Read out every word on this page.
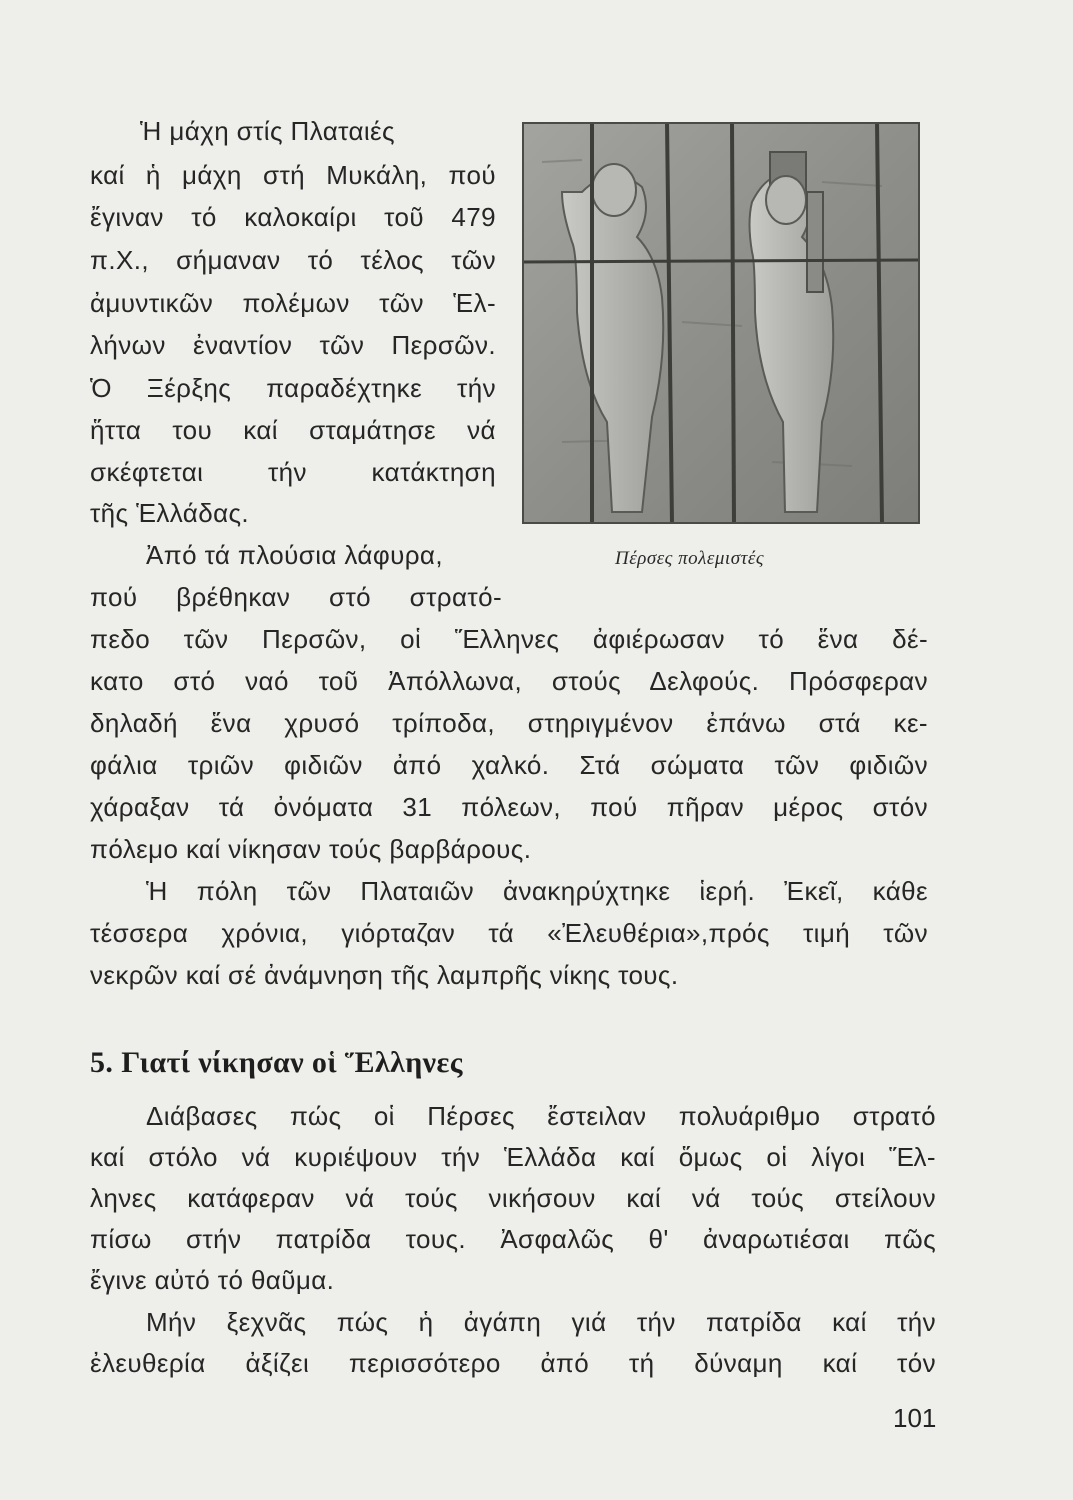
Ἡ μάχη στίς Πλαταιές
καί ἡ μάχη στή Μυκάλη, πού
ἔγιναν τό καλοκαίρι τοῦ 479
π.Χ., σήμαναν τό τέλος τῶν
ἀμυντικῶν πολέμων τῶν Ἑλ-
λήνων ἐναντίον τῶν Περσῶν.
Ὁ Ξέρξης παραδέχτηκε τήν
ἥττα του καί σταμάτησε νά
σκέφτεται τήν κατάκτηση
τῆς Ἑλλάδας.
Ἀπό τά πλούσια λάφυρα,
πού βρέθηκαν στό στρατό-
πεδο τῶν Περσῶν, οἱ Ἕλληνες ἀφιέρωσαν τό ἕνα δέ-
κατο στό ναό τοῦ Ἀπόλλωνα, στούς Δελφούς. Πρόσφεραν
δηλαδή ἕνα χρυσό τρίποδα, στηριγμένον ἐπάνω στά κε-
φάλια τριῶν φιδιῶν ἀπό χαλκό. Στά σώματα τῶν φιδιῶν
χάραξαν τά ὀνόματα 31 πόλεων, πού πῆραν μέρος στόν
πόλεμο καί νίκησαν τούς βαρβάρους.
Ἡ πόλη τῶν Πλαταιῶν ἀνακηρύχτηκε ἱερή. Ἐκεῖ, κάθε
τέσσερα χρόνια, γιόρταζαν τά «Ἐλευθέρια»,πρός τιμή τῶν
νεκρῶν καί σέ ἀνάμνηση τῆς λαμπρῆς νίκης τους.
Πέρσες πολεμιστές
5. Γιατί νίκησαν οἱ Ἕλληνες
Διάβασες πώς οἱ Πέρσες ἔστειλαν πολυάριθμο στρατό
καί στόλο νά κυριέψουν τήν Ἑλλάδα καί ὅμως οἱ λίγοι Ἕλ-
ληνες κατάφεραν νά τούς νικήσουν καί νά τούς στείλουν
πίσω στήν πατρίδα τους. Ἀσφαλῶς θ' ἀναρωτιέσαι πῶς
ἔγινε αὐτό τό θαῦμα.
Μήν ξεχνᾶς πώς ἡ ἀγάπη γιά τήν πατρίδα καί τήν
ἐλευθερία ἀξίζει περισσότερο ἀπό τή δύναμη καί τόν
101
